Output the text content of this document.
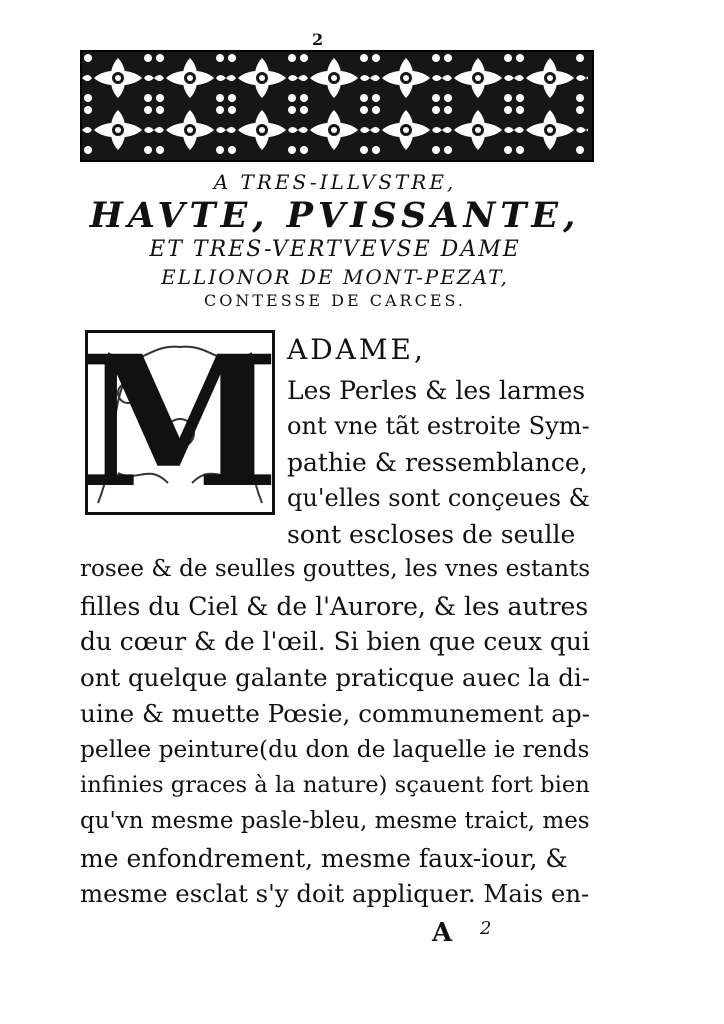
2
A TRES-ILLVSTRE,
HAVTE, PVISSANTE,
ET TRES-VERTVEVSE DAME
ELLIONOR DE MONT-PEZAT,
CONTESSE DE CARCES.
M ADAME,
Les Perles & les larmes
ont vne tãt estroite Sym-
pathie & ressemblance,
qu'elles sont conçeues &
sont escloses de seulle
rosee & de seulles gouttes, les vnes estants
filles du Ciel & de l'Aurore, & les autres
du cœur & de l'œil. Si bien que ceux qui
ont quelque galante praticque auec la di-
uine & muette Pœsie, communement ap-
pellee peinture(du don de laquelle ie rends
infinies graces à la nature) sçauent fort bien
qu'vn mesme pasle-bleu, mesme traict, mes
me enfondrement, mesme faux-iour, &
mesme esclat s'y doit appliquer. Mais en-
A 2
